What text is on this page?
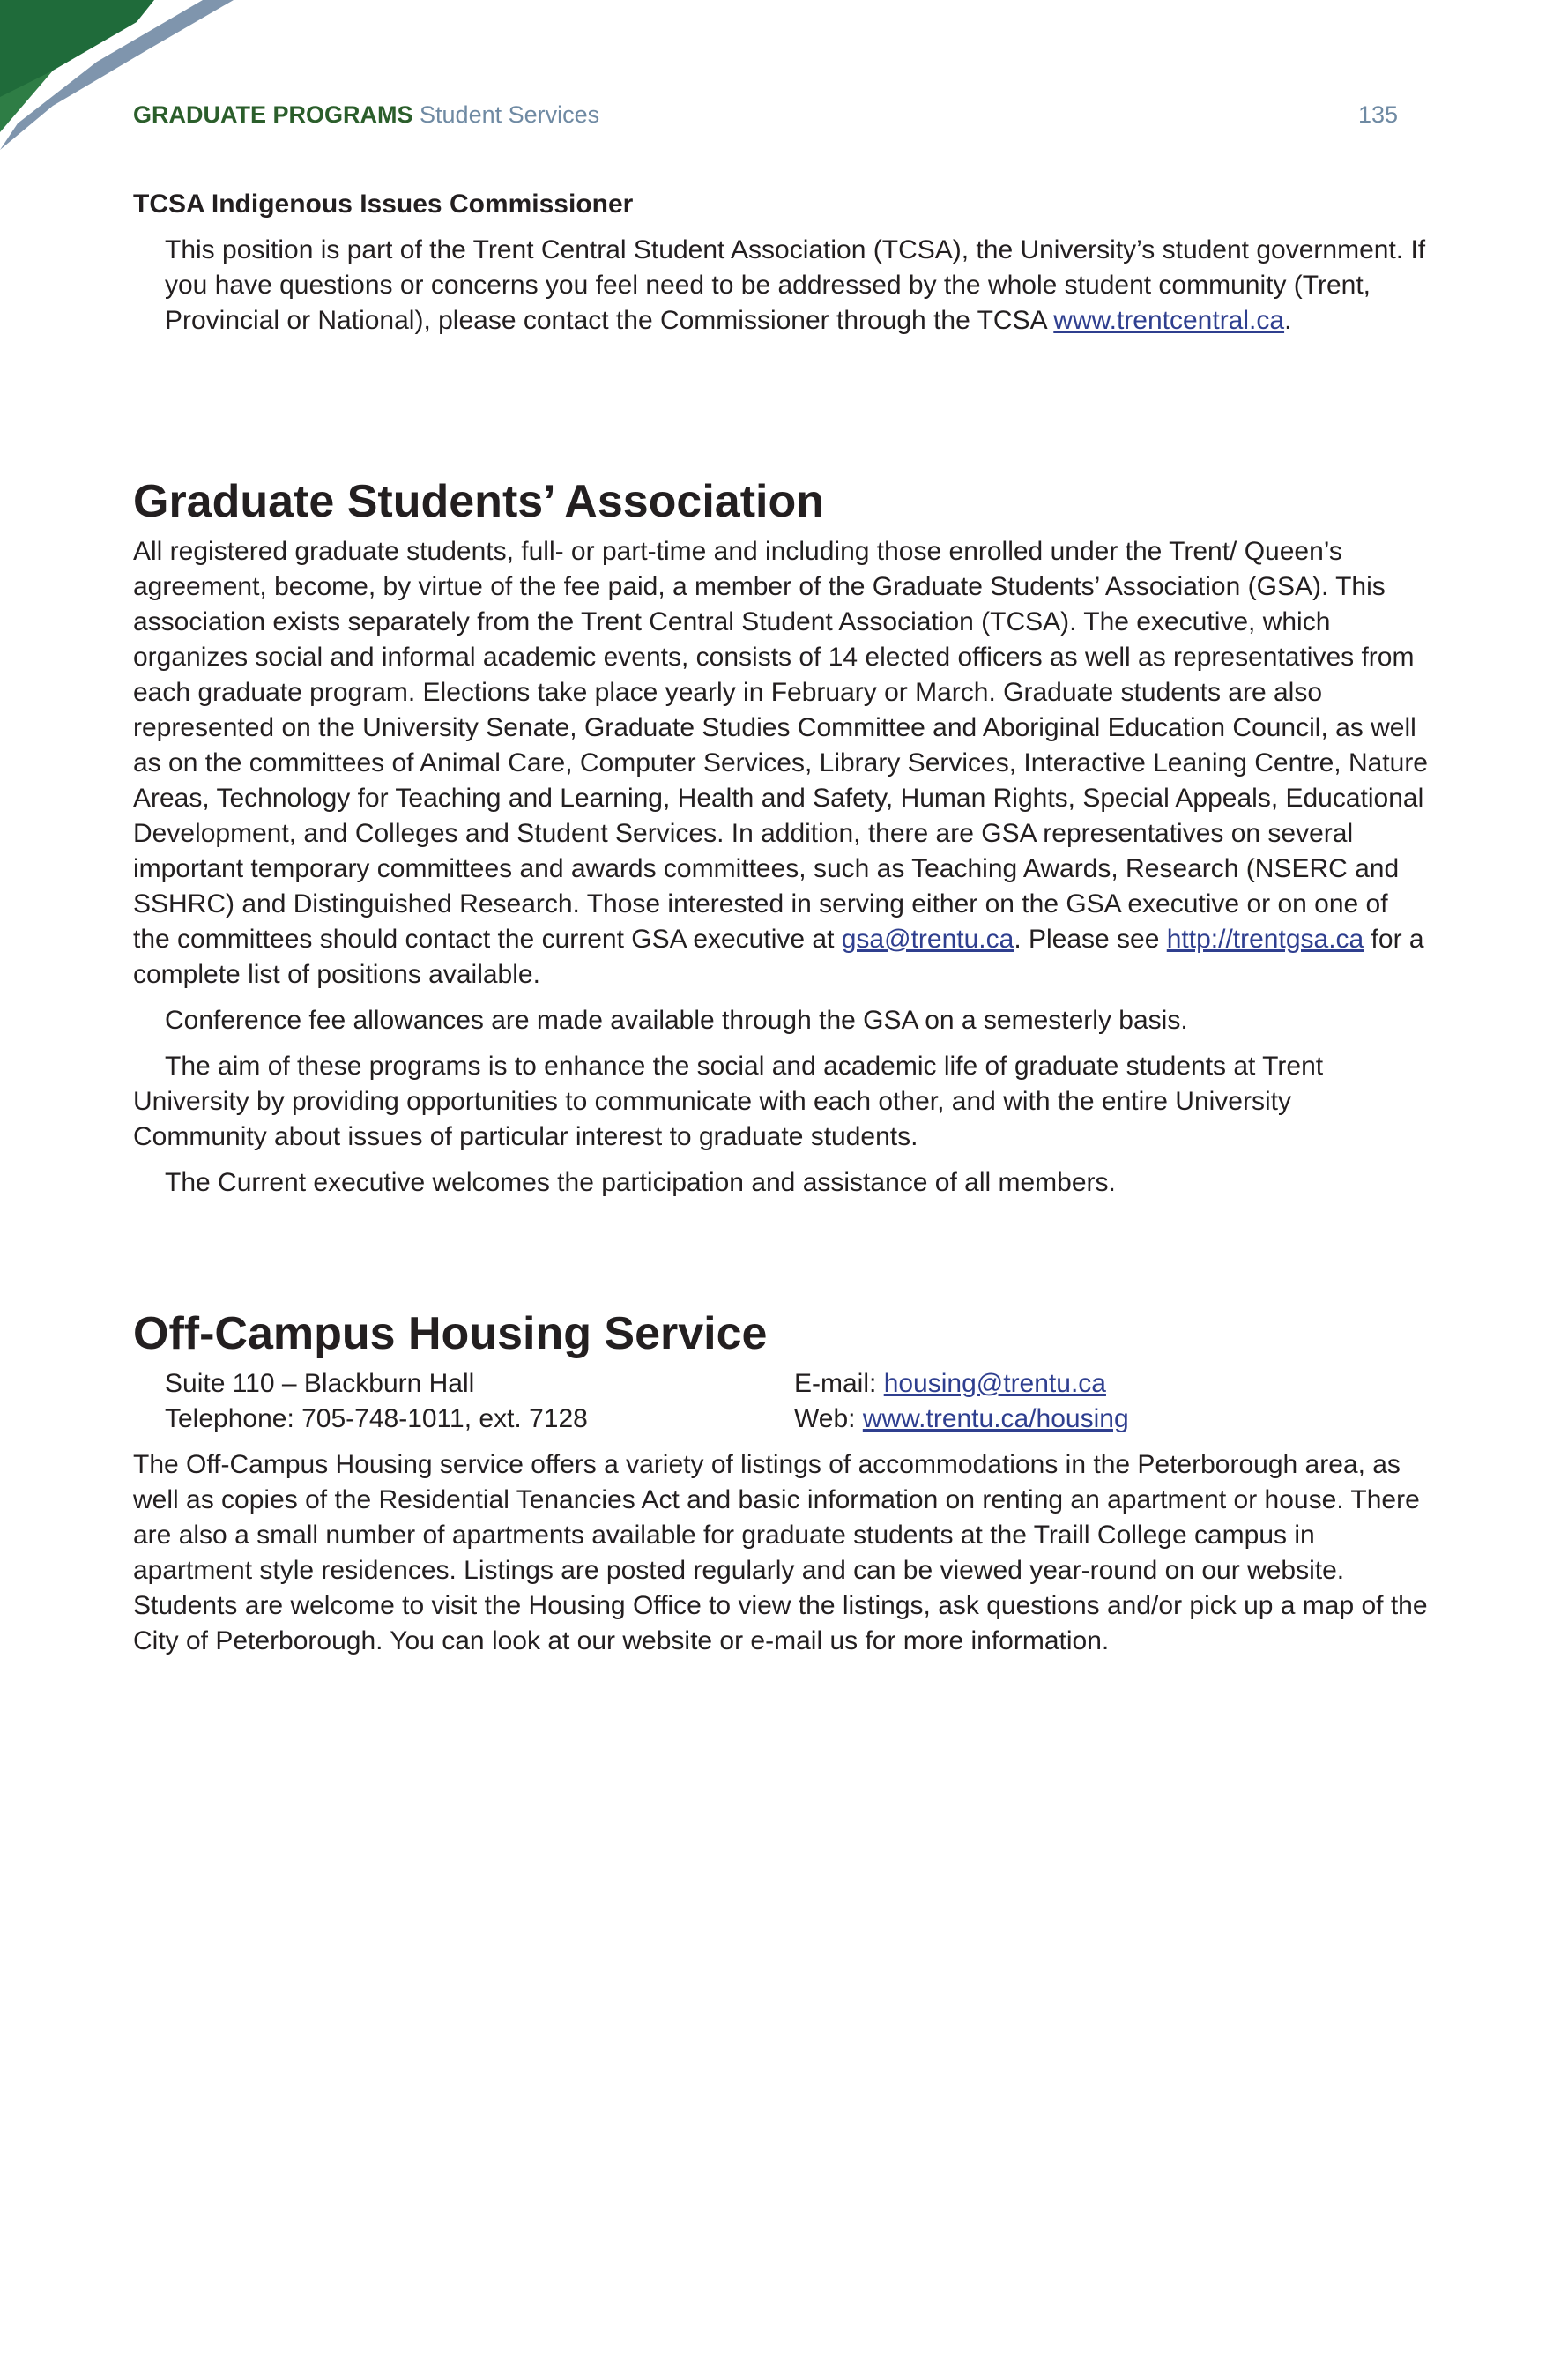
GRADUATE PROGRAMS Student Services	135
TCSA Indigenous Issues Commissioner
This position is part of the Trent Central Student Association (TCSA), the University’s student government. If you have questions or concerns you feel need to be addressed by the whole student community (Trent, Provincial or National), please contact the Commissioner through the TCSA www.trentcentral.ca.
Graduate Students’ Association
All registered graduate students, full- or part-time and including those enrolled under the Trent/ Queen’s agreement, become, by virtue of the fee paid, a member of the Graduate Students’ Association (GSA). This association exists separately from the Trent Central Student Association (TCSA). The executive, which organizes social and informal academic events, consists of 14 elected officers as well as representatives from each graduate program. Elections take place yearly in February or March. Graduate students are also represented on the University Senate, Graduate Studies Committee and Aboriginal Education Council, as well as on the committees of Animal Care, Computer Services, Library Services, Interactive Leaning Centre, Nature Areas, Technology for Teaching and Learning, Health and Safety, Human Rights, Special Appeals, Educational Development, and Colleges and Student Services. In addition, there are GSA representatives on several important temporary committees and awards committees, such as Teaching Awards, Research (NSERC and SSHRC) and Distinguished Research. Those interested in serving either on the GSA executive or on one of the committees should contact the current GSA executive at gsa@trentu.ca. Please see http://trentgsa.ca for a complete list of positions available.
Conference fee allowances are made available through the GSA on a semesterly basis.
The aim of these programs is to enhance the social and academic life of graduate students at Trent University by providing opportunities to communicate with each other, and with the entire University Community about issues of particular interest to graduate students.
The Current executive welcomes the participation and assistance of all members.
Off-Campus Housing Service
Suite 110 – Blackburn Hall
Telephone: 705-748-1011, ext. 7128
E-mail: housing@trentu.ca
Web: www.trentu.ca/housing
The Off-Campus Housing service offers a variety of listings of accommodations in the Peterborough area, as well as copies of the Residential Tenancies Act and basic information on renting an apartment or house. There are also a small number of apartments available for graduate students at the Traill College campus in apartment style residences. Listings are posted regularly and can be viewed year-round on our website. Students are welcome to visit the Housing Office to view the listings, ask questions and/or pick up a map of the City of Peterborough. You can look at our website or e-mail us for more information.
